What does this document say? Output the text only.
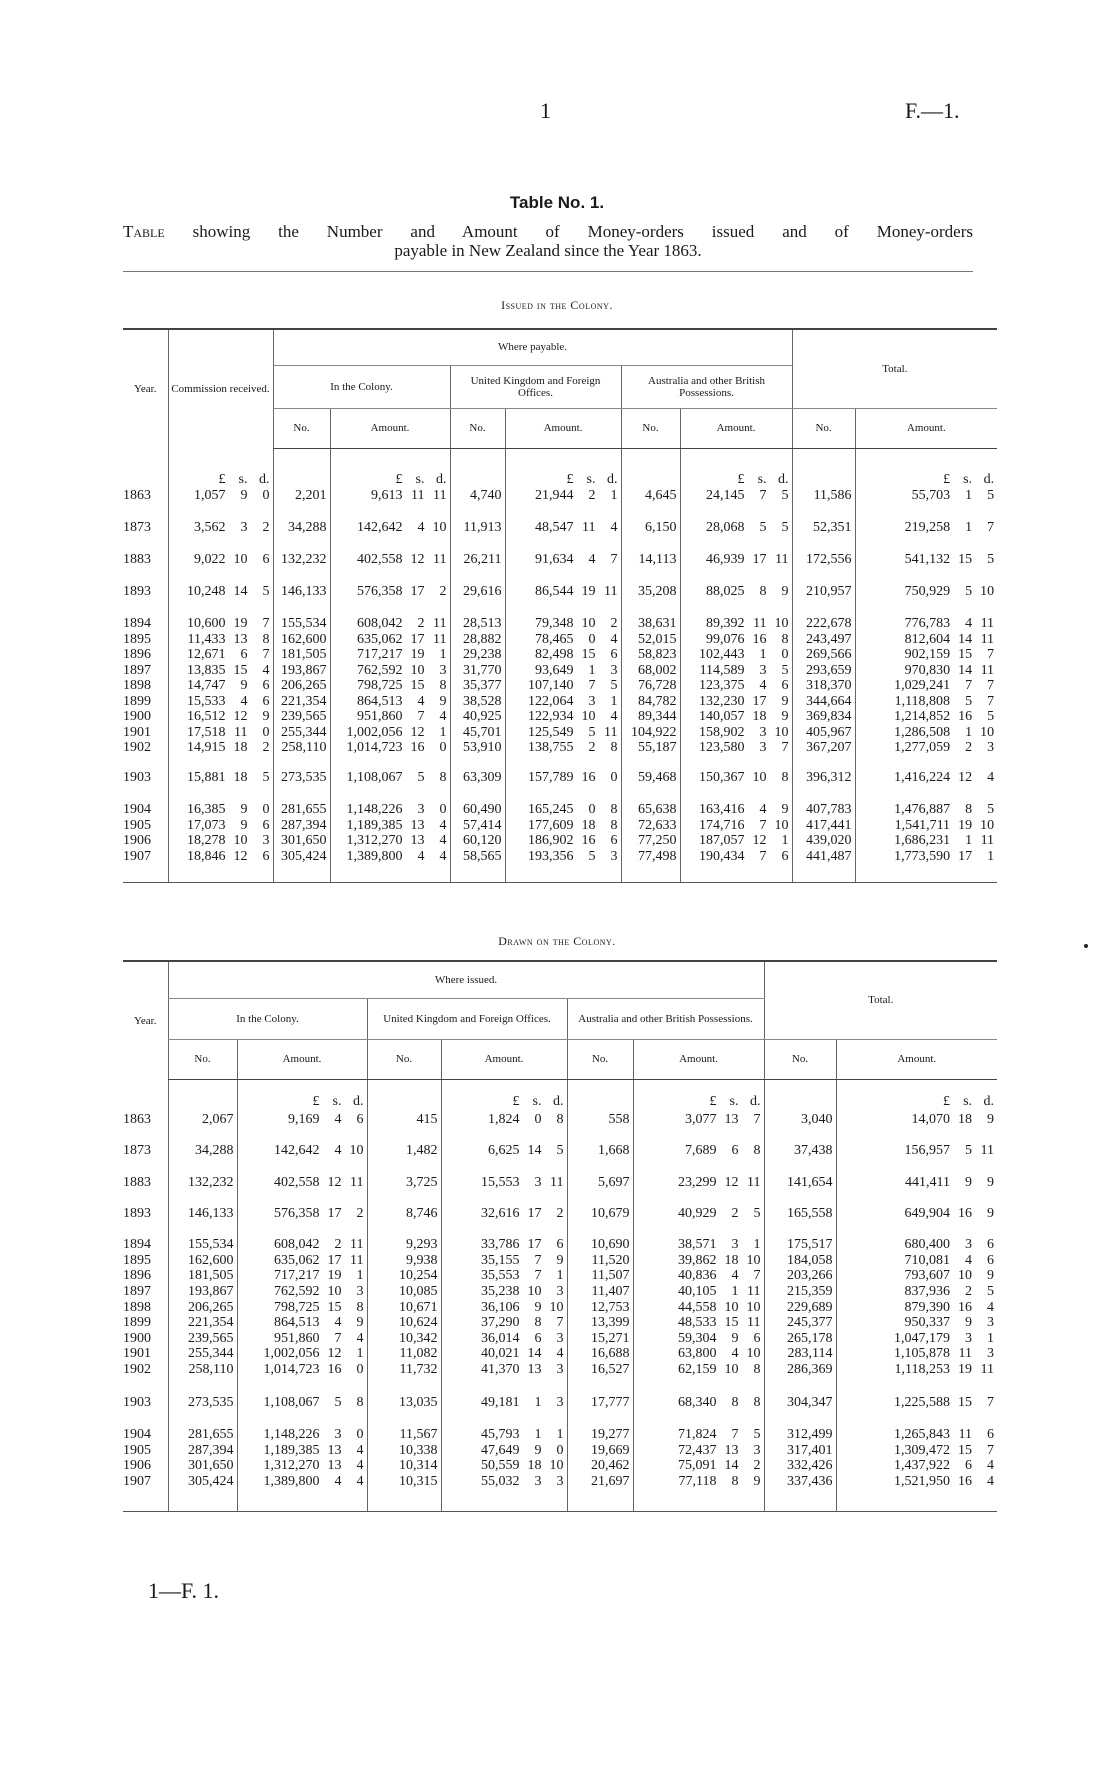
1	F.—1.
Table No. 1.
Table showing the Number and Amount of Money-orders issued and of Money-orders
payable in New Zealand since the Year 1863.
Issued in the Colony.
Year.	Commission received.	Where payable.						Total.	
		In the Colony.		United Kingdom and Foreign Offices.		Australia and other British Possessions.			
		No.	Amount.	No.	Amount.	No.	Amount.	No.	Amount.

	£ s. d.		£ s. d.		£ s. d.		£ s. d.		£ s. d.

1863	1,057 9 0	2,201	9,613 11 11	4,740	21,944 2 1	4,645	24,145 7 5	11,586	55,703 1 5

1873	3,562 3 2	34,288	142,642 4 10	11,913	48,547 11 4	6,150	28,068 5 5	52,351	219,258 1 7

1883	9,022 10 6	132,232	402,558 12 11	26,211	91,634 4 7	14,113	46,939 17 11	172,556	541,132 15 5

1893	10,248 14 5	146,133	576,358 17 2	29,616	86,544 19 11	35,208	88,025 8 9	210,957	750,929 5 10

1894	10,600 19 7	155,534	608,042 2 11	28,513	79,348 10 2	38,631	89,392 11 10	222,678	776,783 4 11

1895	11,433 13 8	162,600	635,062 17 11	28,882	78,465 0 4	52,015	99,076 16 8	243,497	812,604 14 11

1896	12,671 6 7	181,505	717,217 19 1	29,238	82,498 15 6	58,823	102,443 1 0	269,566	902,159 15 7

1897	13,835 15 4	193,867	762,592 10 3	31,770	93,649 1 3	68,002	114,589 3 5	293,659	970,830 14 11

1898	14,747 9 6	206,265	798,725 15 8	35,377	107,140 7 5	76,728	123,375 4 6	318,370	1,029,241 7 7

1899	15,533 4 6	221,354	864,513 4 9	38,528	122,064 3 1	84,782	132,230 17 9	344,664	1,118,808 5 7

1900	16,512 12 9	239,565	951,860 7 4	40,925	122,934 10 4	89,344	140,057 18 9	369,834	1,214,852 16 5

1901	17,518 11 0	255,344	1,002,056 12 1	45,701	125,549 5 11	104,922	158,902 3 10	405,967	1,286,508 1 10

1902	14,915 18 2	258,110	1,014,723 16 0	53,910	138,755 2 8	55,187	123,580 3 7	367,207	1,277,059 2 3

1903	15,881 18 5	273,535	1,108,067 5 8	63,309	157,789 16 0	59,468	150,367 10 8	396,312	1,416,224 12 4

1904	16,385 9 0	281,655	1,148,226 3 0	60,490	165,245 0 8	65,638	163,416 4 9	407,783	1,476,887 8 5

1905	17,073 9 6	287,394	1,189,385 13 4	57,414	177,609 18 8	72,633	174,716 7 10	417,441	1,541,711 19 10

1906	18,278 10 3	301,650	1,312,270 13 4	60,120	186,902 16 6	77,250	187,057 12 1	439,020	1,686,231 1 11

1907	18,846 12 6	305,424	1,389,800 4 4	58,565	193,356 5 3	77,498	190,434 7 6	441,487	1,773,590 17 1

Drawn on the Colony.
Year.	Where issued.						Total.	
	In the Colony.		United Kingdom and Foreign Offices.		Australia and other British Possessions.			
	No.	Amount.	No.	Amount.	No.	Amount.	No.	Amount.

		£ s. d.		£ s. d.		£ s. d.		£ s. d.

1863	2,067	9,169 4 6	415	1,824 0 8	558	3,077 13 7	3,040	14,070 18 9

1873	34,288	142,642 4 10	1,482	6,625 14 5	1,668	7,689 6 8	37,438	156,957 5 11

1883	132,232	402,558 12 11	3,725	15,553 3 11	5,697	23,299 12 11	141,654	441,411 9 9

1893	146,133	576,358 17 2	8,746	32,616 17 2	10,679	40,929 2 5	165,558	649,904 16 9

1894	155,534	608,042 2 11	9,293	33,786 17 6	10,690	38,571 3 1	175,517	680,400 3 6

1895	162,600	635,062 17 11	9,938	35,155 7 9	11,520	39,862 18 10	184,058	710,081 4 6

1896	181,505	717,217 19 1	10,254	35,553 7 1	11,507	40,836 4 7	203,266	793,607 10 9

1897	193,867	762,592 10 3	10,085	35,238 10 3	11,407	40,105 1 11	215,359	837,936 2 5

1898	206,265	798,725 15 8	10,671	36,106 9 10	12,753	44,558 10 10	229,689	879,390 16 4

1899	221,354	864,513 4 9	10,624	37,290 8 7	13,399	48,533 15 11	245,377	950,337 9 3

1900	239,565	951,860 7 4	10,342	36,014 6 3	15,271	59,304 9 6	265,178	1,047,179 3 1

1901	255,344	1,002,056 12 1	11,082	40,021 14 4	16,688	63,800 4 10	283,114	1,105,878 11 3

1902	258,110	1,014,723 16 0	11,732	41,370 13 3	16,527	62,159 10 8	286,369	1,118,253 19 11

1903	273,535	1,108,067 5 8	13,035	49,181 1 3	17,777	68,340 8 8	304,347	1,225,588 15 7

1904	281,655	1,148,226 3 0	11,567	45,793 1 1	19,277	71,824 7 5	312,499	1,265,843 11 6

1905	287,394	1,189,385 13 4	10,338	47,649 9 0	19,669	72,437 13 3	317,401	1,309,472 15 7

1906	301,650	1,312,270 13 4	10,314	50,559 18 10	20,462	75,091 14 2	332,426	1,437,922 6 4

1907	305,424	1,389,800 4 4	10,315	55,032 3 3	21,697	77,118 8 9	337,436	1,521,950 16 4

1—F. 1.
